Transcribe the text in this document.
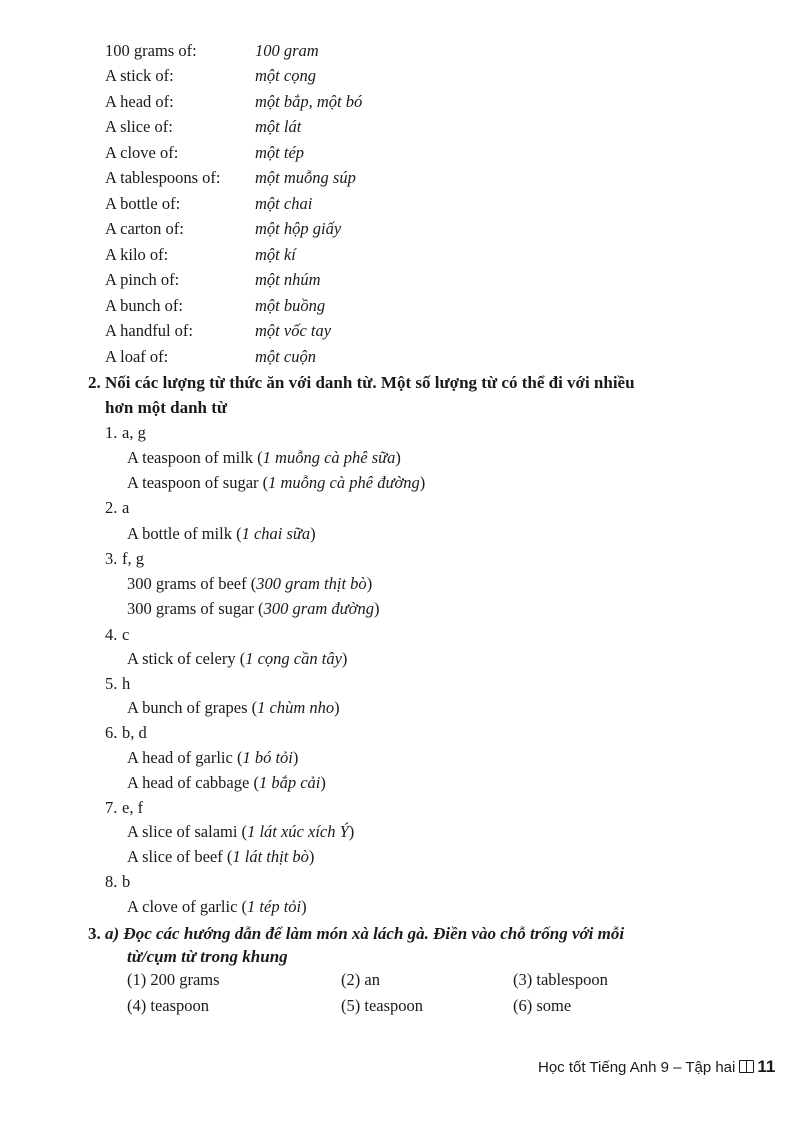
100 grams of:	100 gram
A stick of:	một cọng
A head of:	một bắp, một bó
A slice of:	một lát
A clove of:	một tép
A tablespoons of: một muỗng súp
A bottle of:	một chai
A carton of:	một hộp giấy
A kilo of:	một kí
A pinch of:	một nhúm
A bunch of:	một buồng
A handful of:	một vốc tay
A loaf of:	một cuộn
2. Nối các lượng từ thức ăn với danh từ. Một số lượng từ có thể đi với nhiều
hơn một danh từ
1. a, g
A teaspoon of milk (1 muỗng cà phê sữa)
A teaspoon of sugar (1 muỗng cà phê đường)
2. a
A bottle of milk (1 chai sữa)
3. f, g
300 grams of beef (300 gram thịt bò)
300 grams of sugar (300 gram đường)
4. c
A stick of celery (1 cọng cần tây)
5. h
A bunch of grapes (1 chùm nho)
6. b, d
A head of garlic (1 bó tỏi)
A head of cabbage (1 bắp cải)
7. e, f
A slice of salami (1 lát xúc xích Ý)
A slice of beef (1 lát thịt bò)
8. b
A clove of garlic (1 tép tỏi)
3. a) Đọc các hướng dẫn để làm món xà lách gà. Điền vào chỗ trống với mỗi
từ/cụm từ trong khung
(1) 200 grams	(2) an	(3) tablespoon
(4) teaspoon	(5) teaspoon	(6) some
Học tốt Tiếng Anh 9 – Tập hai 11
